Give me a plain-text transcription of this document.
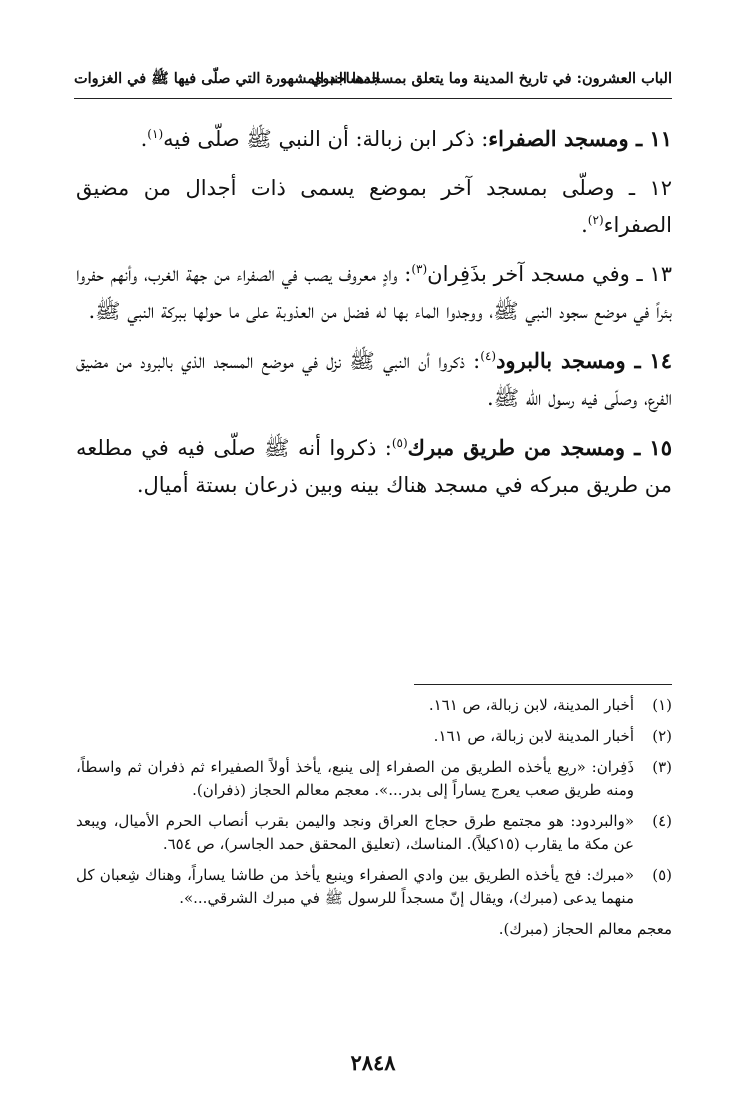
الباب العشرون: في تاريخ المدينة وما يتعلق بمسجدها النبوي
المساجد المشهورة التي صلّى فيها ﷺ في الغزوات

١١ ـ ومسجد الصفراء: ذكر ابن زبالة: أن النبي ﷺ صلّى فيه$^{(١)}$.

١٢ ـ وصلّى بمسجد آخر بموضع يسمى ذات أجدال من مضيق الصفراء$^{(٢)}$.

١٣ ـ وفي مسجد آخر بذَفِران$^{(٣)}$: وادٍ معروف يصب في الصفراء من جهة الغرب، وأنهم حفروا بئراً في موضع سجود النبي ﷺ، ووجدوا الماء بها له فضل من العذوبة على ما حولها ببركة النبي ﷺ.

١٤ ـ ومسجد بالبرود$^{(٤)}$: ذكروا أن النبي ﷺ نزل في موضع المسجد الذي بالبرود من مضيق الفرع، وصلّى فيه رسول الله ﷺ.

١٥ ـ ومسجد من طريق مبرك$^{(٥)}$: ذكروا أنه ﷺ صلّى فيه في مطلعه من طريق مبركه في مسجد هناك بينه وبين ذرعان بستة أميال.

(١)
أخبار المدينة، لابن زبالة، ص ١٦١.
(٢)
أخبار المدينة لابن زبالة، ص ١٦١.
(٣)
ذَفِران: «ريع يأخذه الطريق من الصفراء إلى ينبع، يأخذ أولاً الصفيراء ثم ذفران ثم واسطاً، ومنه طريق صعب يعرج يساراً إلى بدر...». معجم معالم الحجاز (ذفران).
(٤)
«والبردود: هو مجتمع طرق حجاج العراق ونجد واليمن بقرب أنصاب الحرم الأميال، ويبعد عن مكة ما يقارب (١٥كيلاً). المناسك، (تعليق المحقق حمد الجاسر)، ص ٦٥٤.
(٥)
«مبرك: فج يأخذه الطريق بين وادي الصفراء وينبع يأخذ من طاشا يساراً، وهناك شِعبان كل منهما يدعى (مبرك)، ويقال إنّ مسجداً للرسول ﷺ في مبرك الشرقي...».
معجم معالم الحجاز (مبرك).
٢٨٤٨
